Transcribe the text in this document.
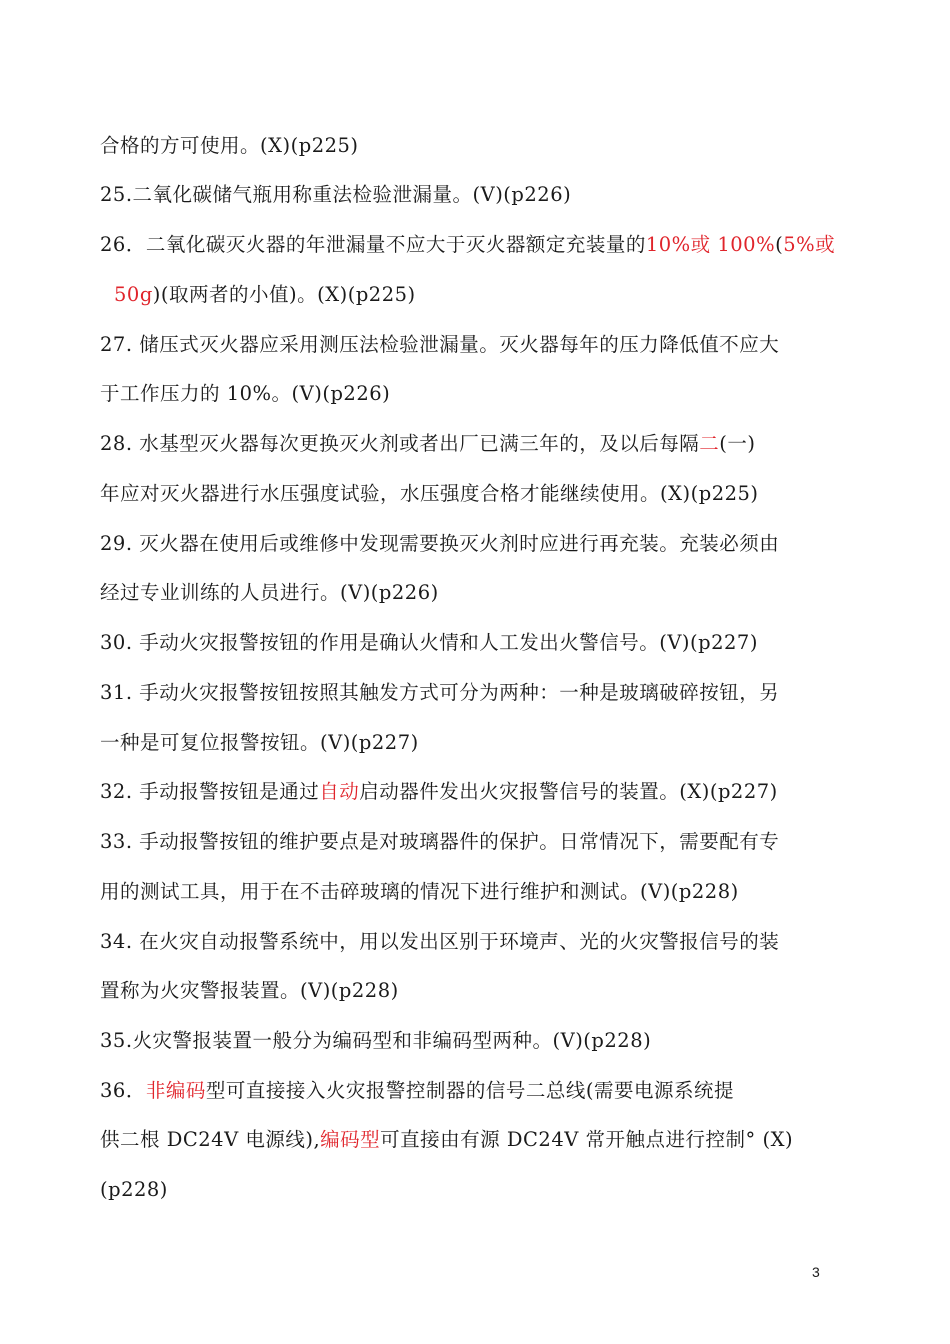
合格的方可使用。(X)(p225)
25.二氧化碳储气瓶用称重法检验泄漏量。(V)(p226)
26．二氧化碳灭火器的年泄漏量不应大于灭火器额定充装量的10%或 100%(5%或
50g)(取两者的小值)。(X)(p225)
27. 储压式灭火器应采用测压法检验泄漏量。灭火器每年的压力降低值不应大
于工作压力的 10%。(V)(p226)
28. 水基型灭火器每次更换灭火剂或者出厂已满三年的，及以后每隔二(一)
年应对灭火器进行水压强度试验，水压强度合格才能继续使用。(X)(p225)
29. 灭火器在使用后或维修中发现需要换灭火剂时应进行再充装。充装必须由
经过专业训练的人员进行。(V)(p226)
30. 手动火灾报警按钮的作用是确认火情和人工发出火警信号。(V)(p227)
31. 手动火灾报警按钮按照其触发方式可分为两种：一种是玻璃破碎按钮，另
一种是可复位报警按钮。(V)(p227)
32. 手动报警按钮是通过自动启动器件发出火灾报警信号的装置。(X)(p227)
33. 手动报警按钮的维护要点是对玻璃器件的保护。日常情况下，需要配有专
用的测试工具，用于在不击碎玻璃的情况下进行维护和测试。(V)(p228)
34. 在火灾自动报警系统中，用以发出区别于环境声、光的火灾警报信号的装
置称为火灾警报装置。(V)(p228)
35.火灾警报装置一般分为编码型和非编码型两种。(V)(p228)
36．非编码型可直接接入火灾报警控制器的信号二总线(需要电源系统提
供二根 DC24V 电源线),编码型可直接由有源 DC24V 常开触点进行控制° (X)
(p228)
3
